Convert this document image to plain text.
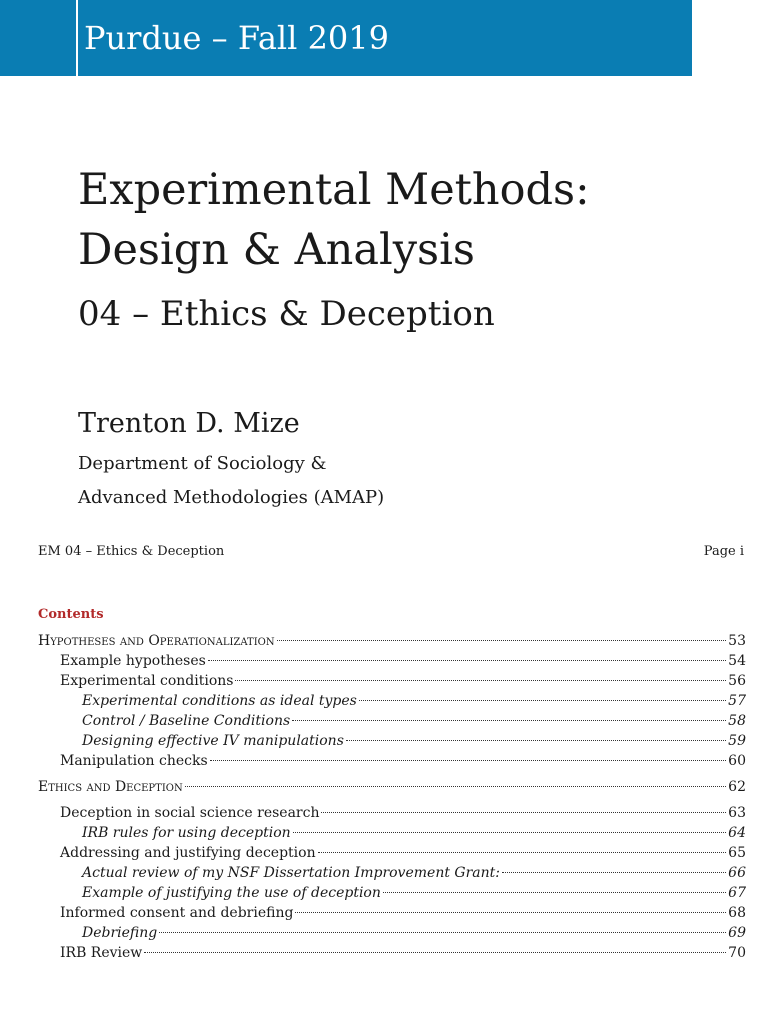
Purdue – Fall 2019
Experimental Methods:
Design & Analysis
04 – Ethics & Deception
Trenton D. Mize
Department of Sociology &
Advanced Methodologies (AMAP)
EM 04 – Ethics & Deception	Page i
Contents
Hypotheses and Operationalization	53
Example hypotheses	54
Experimental conditions	56
Experimental conditions as ideal types	57
Control / Baseline Conditions	58
Designing effective IV manipulations	59
Manipulation checks	60
Ethics and Deception	62
Deception in social science research	63
IRB rules for using deception	64
Addressing and justifying deception	65
Actual review of my NSF Dissertation Improvement Grant:	66
Example of justifying the use of deception	67
Informed consent and debriefing	68
Debriefing	69
IRB Review	70
